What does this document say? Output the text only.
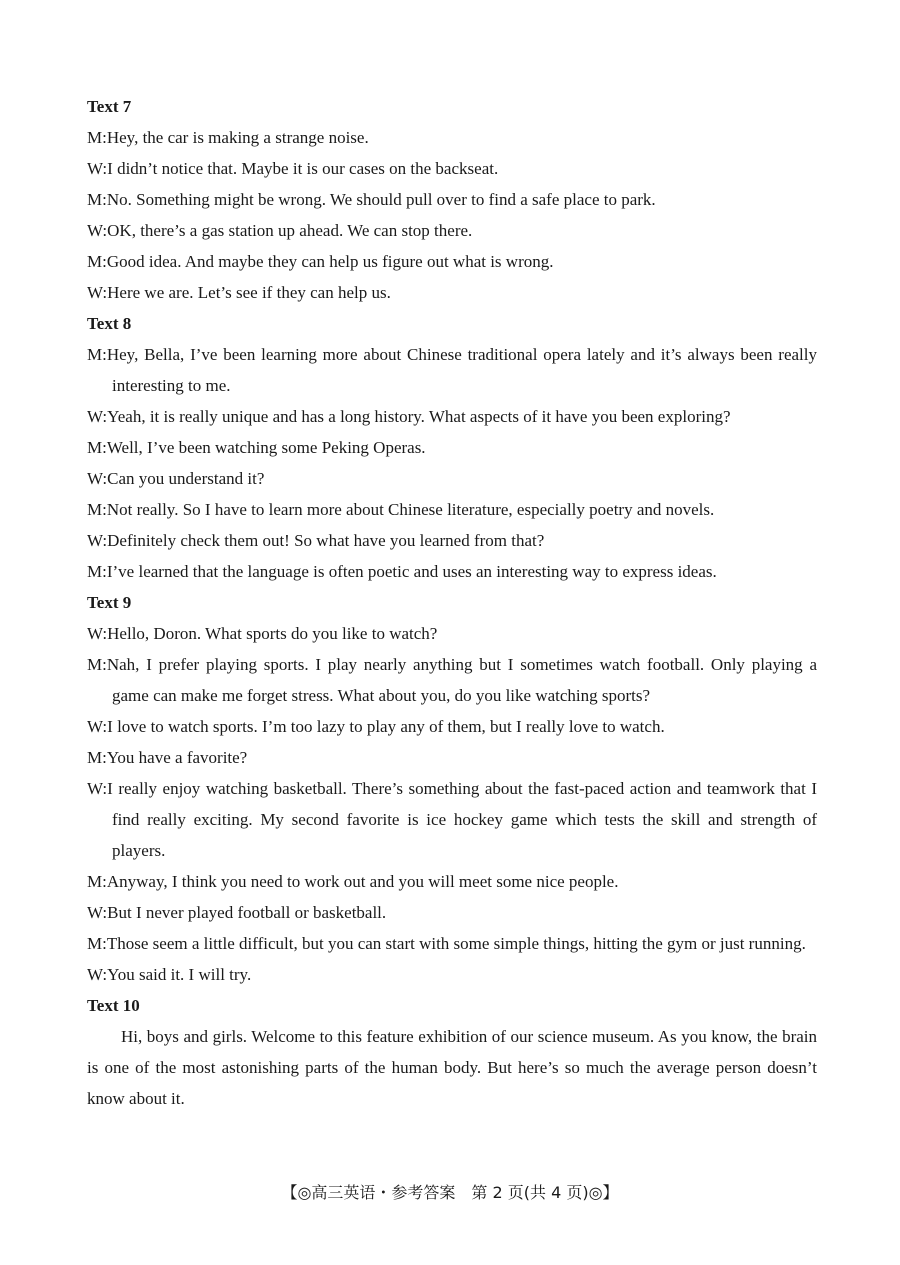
Text 7
M:Hey, the car is making a strange noise.
W:I didn’t notice that. Maybe it is our cases on the backseat.
M:No. Something might be wrong. We should pull over to find a safe place to park.
W:OK, there’s a gas station up ahead. We can stop there.
M:Good idea. And maybe they can help us figure out what is wrong.
W:Here we are. Let’s see if they can help us.
Text 8
M:Hey, Bella, I’ve been learning more about Chinese traditional opera lately and it’s always been really interesting to me.
W:Yeah, it is really unique and has a long history. What aspects of it have you been exploring?
M:Well, I’ve been watching some Peking Operas.
W:Can you understand it?
M:Not really. So I have to learn more about Chinese literature, especially poetry and novels.
W:Definitely check them out! So what have you learned from that?
M:I’ve learned that the language is often poetic and uses an interesting way to express ideas.
Text 9
W:Hello, Doron. What sports do you like to watch?
M:Nah, I prefer playing sports. I play nearly anything but I sometimes watch football. Only playing a game can make me forget stress. What about you, do you like watching sports?
W:I love to watch sports. I’m too lazy to play any of them, but I really love to watch.
M:You have a favorite?
W:I really enjoy watching basketball. There’s something about the fast-paced action and teamwork that I find really exciting. My second favorite is ice hockey game which tests the skill and strength of players.
M:Anyway, I think you need to work out and you will meet some nice people.
W:But I never played football or basketball.
M:Those seem a little difficult, but you can start with some simple things, hitting the gym or just running.
W:You said it. I will try.
Text 10
Hi, boys and girls. Welcome to this feature exhibition of our science museum. As you know, the brain is one of the most astonishing parts of the human body. But here’s so much the average person doesn’t know about it.
【◎高三英语・参考答案　第 2 页(共 4 页)◎】
